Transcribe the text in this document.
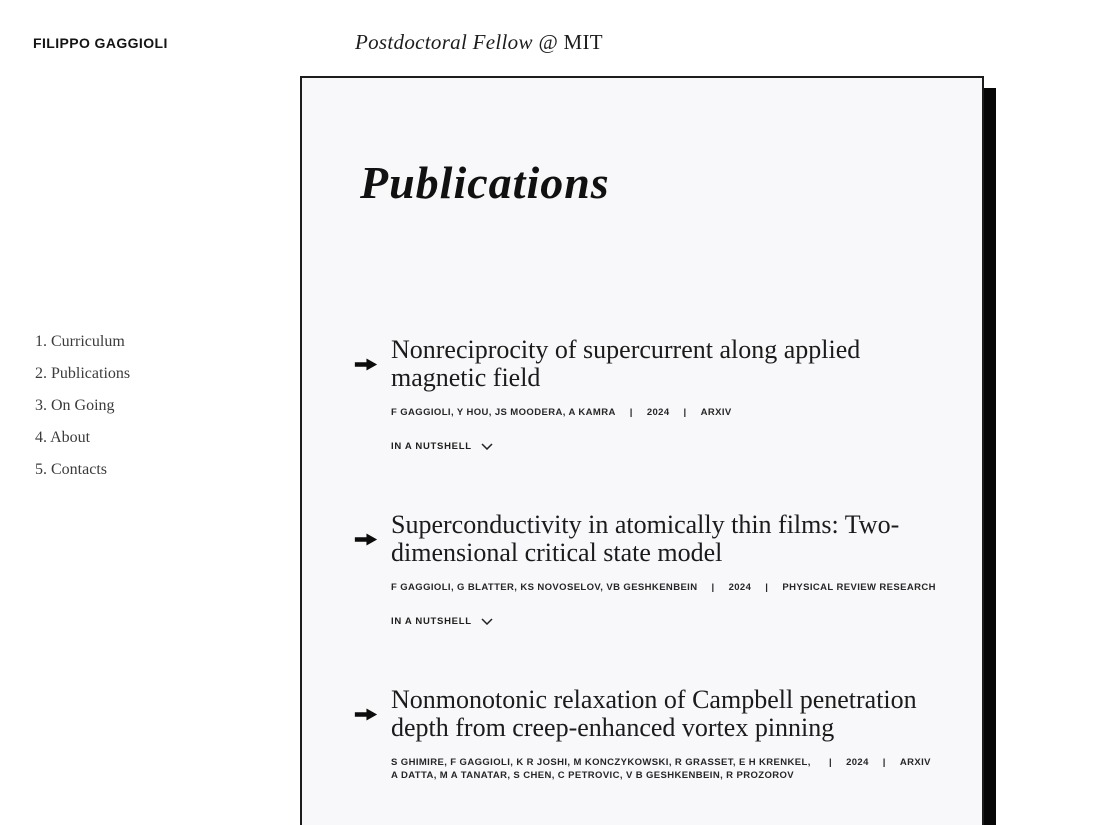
FILIPPO GAGGIOLI	Postdoctoral Fellow @ MIT
1. Curriculum
2. Publications
3. On Going
4. About
5. Contacts
Publications
Nonreciprocity of supercurrent along applied magnetic field
F GAGGIOLI, Y HOU, JS MOODERA, A KAMRA | 2024 | ARXIV
IN A NUTSHELL
Superconductivity in atomically thin films: Two-dimensional critical state model
F GAGGIOLI, G BLATTER, KS NOVOSELOV, VB GESHKENBEIN | 2024 | PHYSICAL REVIEW RESEARCH
IN A NUTSHELL
Nonmonotonic relaxation of Campbell penetration depth from creep-enhanced vortex pinning
S GHIMIRE, F GAGGIOLI, K R JOSHI, M KONCZYKOWSKI, R GRASSET, E H KRENKEL, A DATTA, M A TANATAR, S CHEN, C PETROVIC, V B GESHKENBEIN, R PROZOROV
| 2024 | ARXIV
